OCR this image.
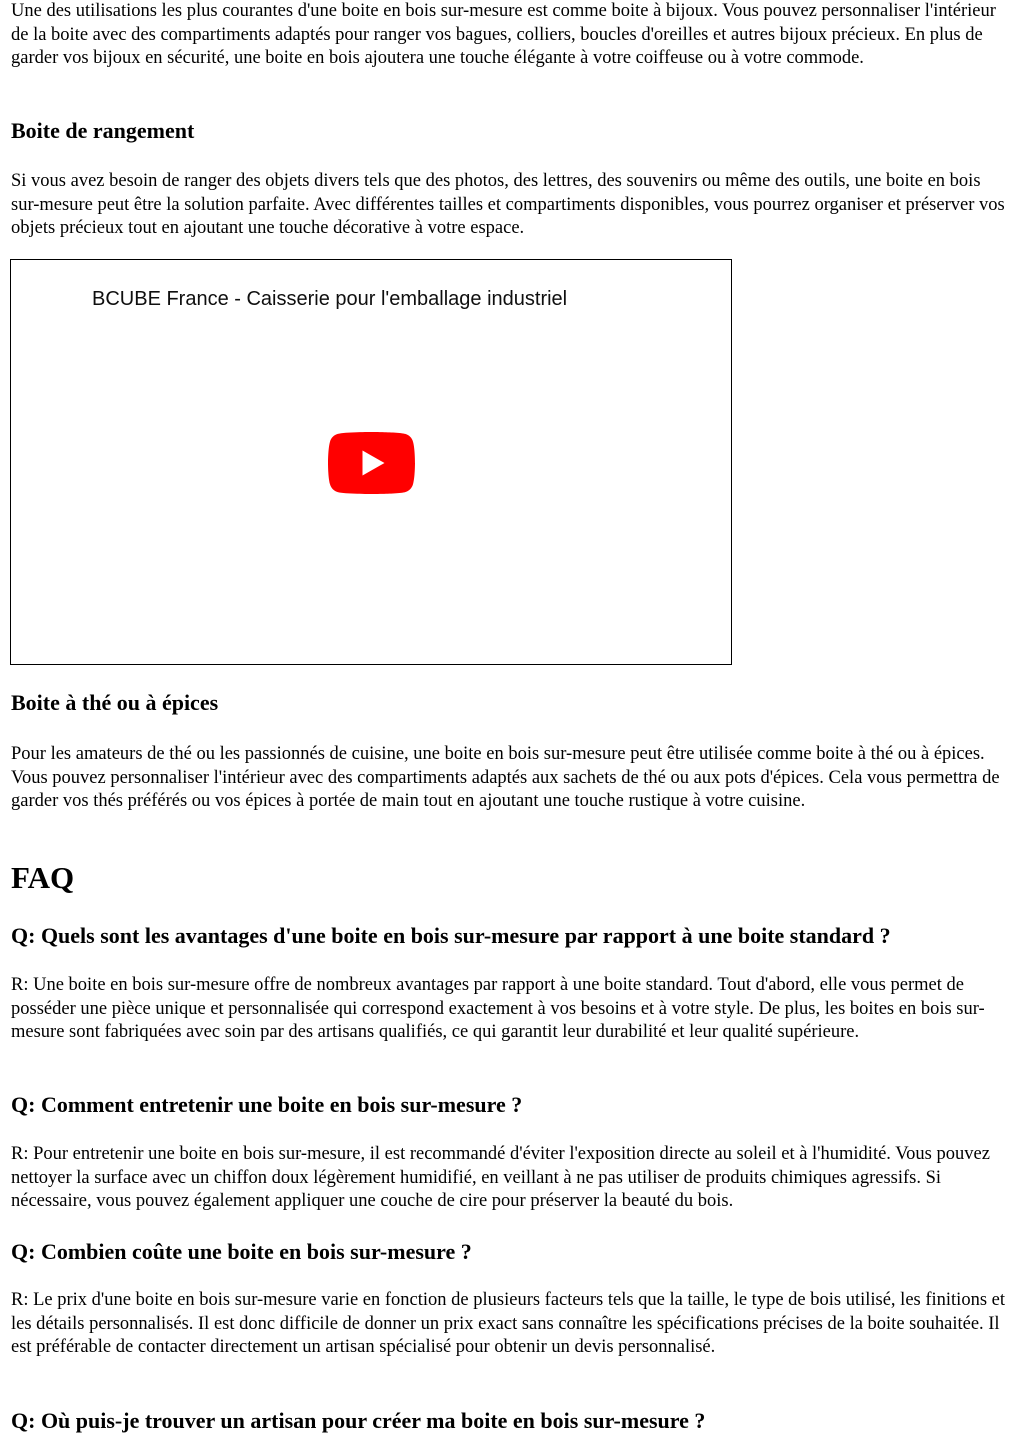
Une des utilisations les plus courantes d'une boite en bois sur-mesure est comme boite à bijoux. Vous pouvez personnaliser l'intérieur de la boite avec des compartiments adaptés pour ranger vos bagues, colliers, boucles d'oreilles et autres bijoux précieux. En plus de garder vos bijoux en sécurité, une boite en bois ajoutera une touche élégante à votre coiffeuse ou à votre commode.

Boite de rangement

Si vous avez besoin de ranger des objets divers tels que des photos, des lettres, des souvenirs ou même des outils, une boite en bois sur-mesure peut être la solution parfaite. Avec différentes tailles et compartiments disponibles, vous pourrez organiser et préserver vos objets précieux tout en ajoutant une touche décorative à votre espace.

BCUBE France - Caisserie pour l'emballage industriel
Boite à thé ou à épices

Pour les amateurs de thé ou les passionnés de cuisine, une boite en bois sur-mesure peut être utilisée comme boite à thé ou à épices. Vous pouvez personnaliser l'intérieur avec des compartiments adaptés aux sachets de thé ou aux pots d'épices. Cela vous permettra de garder vos thés préférés ou vos épices à portée de main tout en ajoutant une touche rustique à votre cuisine.

FAQ
Q: Quels sont les avantages d'une boite en bois sur-mesure par rapport à une boite standard ?

R: Une boite en bois sur-mesure offre de nombreux avantages par rapport à une boite standard. Tout d'abord, elle vous permet de posséder une pièce unique et personnalisée qui correspond exactement à vos besoins et à votre style. De plus, les boites en bois sur-mesure sont fabriquées avec soin par des artisans qualifiés, ce qui garantit leur durabilité et leur qualité supérieure.

Q: Comment entretenir une boite en bois sur-mesure ?

R: Pour entretenir une boite en bois sur-mesure, il est recommandé d'éviter l'exposition directe au soleil et à l'humidité. Vous pouvez nettoyer la surface avec un chiffon doux légèrement humidifié, en veillant à ne pas utiliser de produits chimiques agressifs. Si nécessaire, vous pouvez également appliquer une couche de cire pour préserver la beauté du bois.

Q: Combien coûte une boite en bois sur-mesure ?

R: Le prix d'une boite en bois sur-mesure varie en fonction de plusieurs facteurs tels que la taille, le type de bois utilisé, les finitions et les détails personnalisés. Il est donc difficile de donner un prix exact sans connaître les spécifications précises de la boite souhaitée. Il est préférable de contacter directement un artisan spécialisé pour obtenir un devis personnalisé.

Q: Où puis-je trouver un artisan pour créer ma boite en bois sur-mesure ?
